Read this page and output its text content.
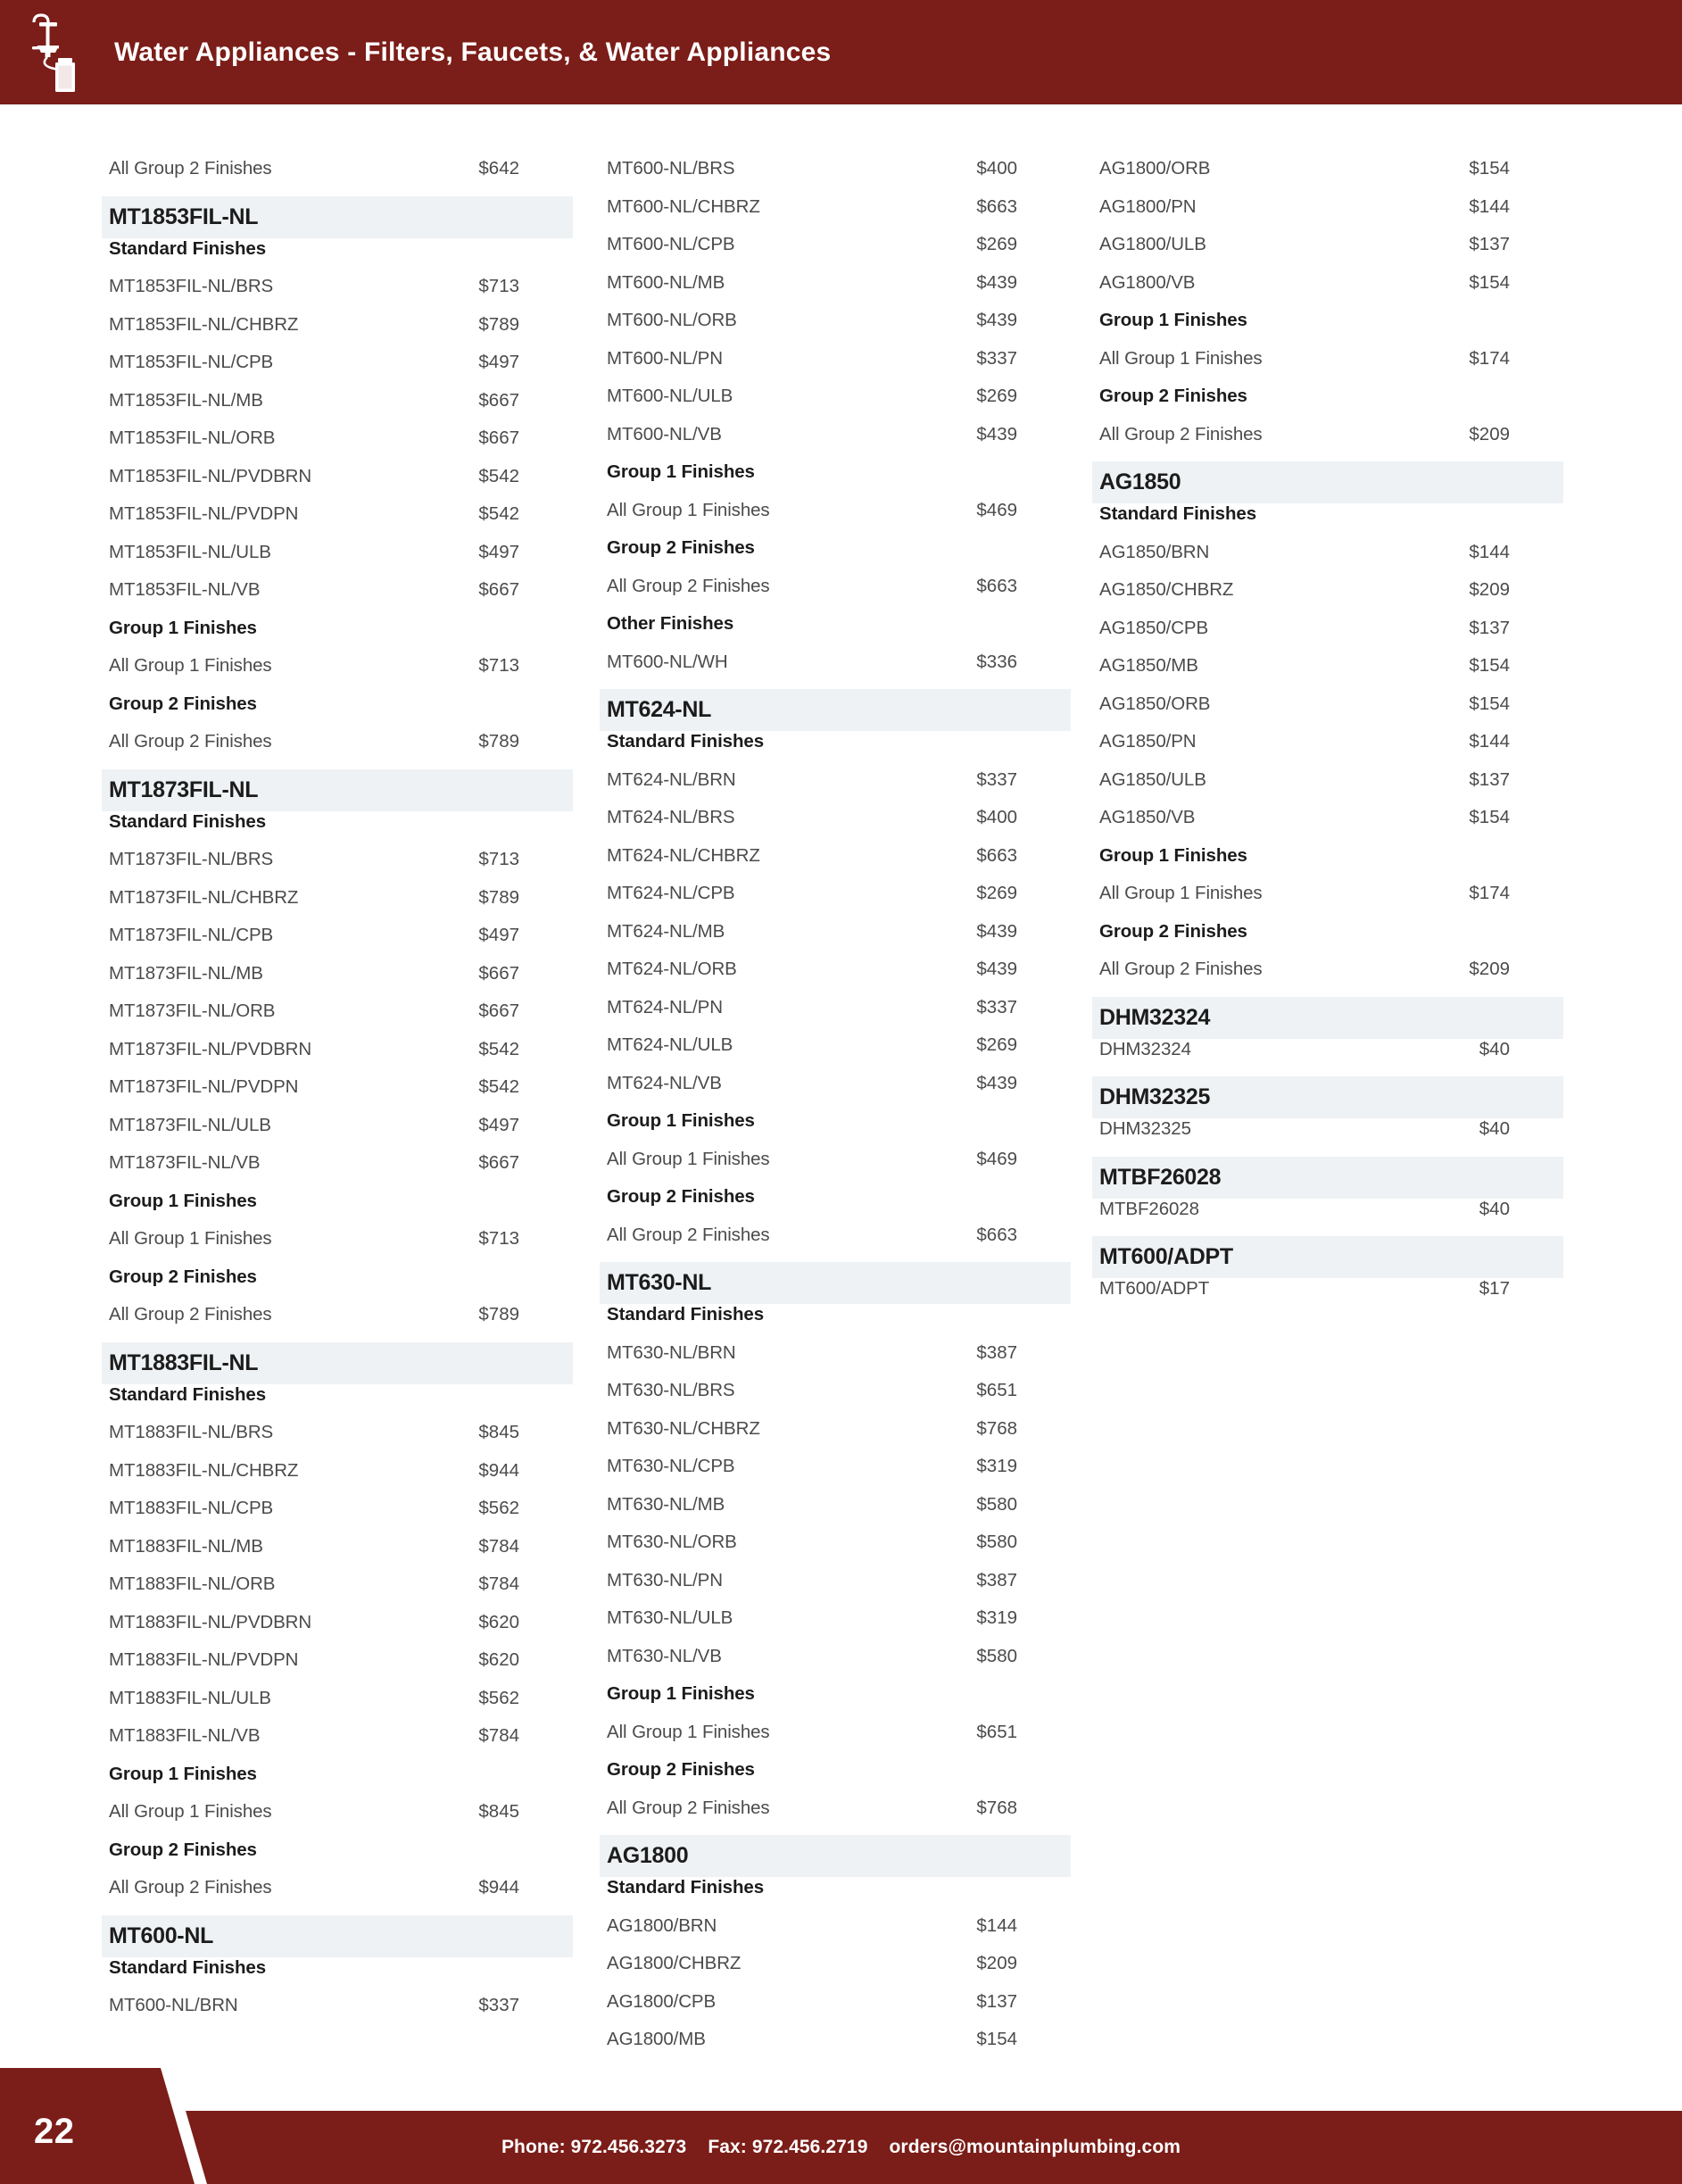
Water Appliances - Filters, Faucets, & Water Appliances
All Group 2 Finishes	$642
MT1853FIL-NL
Standard Finishes
MT1853FIL-NL/BRS	$713
MT1853FIL-NL/CHBRZ	$789
MT1853FIL-NL/CPB	$497
MT1853FIL-NL/MB	$667
MT1853FIL-NL/ORB	$667
MT1853FIL-NL/PVDBRN	$542
MT1853FIL-NL/PVDPN	$542
MT1853FIL-NL/ULB	$497
MT1853FIL-NL/VB	$667
Group 1 Finishes
All Group 1 Finishes	$713
Group 2 Finishes
All Group 2 Finishes	$789
MT1873FIL-NL
Standard Finishes
MT1873FIL-NL/BRS	$713
MT1873FIL-NL/CHBRZ	$789
MT1873FIL-NL/CPB	$497
MT1873FIL-NL/MB	$667
MT1873FIL-NL/ORB	$667
MT1873FIL-NL/PVDBRN	$542
MT1873FIL-NL/PVDPN	$542
MT1873FIL-NL/ULB	$497
MT1873FIL-NL/VB	$667
Group 1 Finishes
All Group 1 Finishes	$713
Group 2 Finishes
All Group 2 Finishes	$789
MT1883FIL-NL
Standard Finishes
MT1883FIL-NL/BRS	$845
MT1883FIL-NL/CHBRZ	$944
MT1883FIL-NL/CPB	$562
MT1883FIL-NL/MB	$784
MT1883FIL-NL/ORB	$784
MT1883FIL-NL/PVDBRN	$620
MT1883FIL-NL/PVDPN	$620
MT1883FIL-NL/ULB	$562
MT1883FIL-NL/VB	$784
Group 1 Finishes
All Group 1 Finishes	$845
Group 2 Finishes
All Group 2 Finishes	$944
MT600-NL
Standard Finishes
MT600-NL/BRN	$337
MT600-NL/BRS	$400
MT600-NL/CHBRZ	$663
MT600-NL/CPB	$269
MT600-NL/MB	$439
MT600-NL/ORB	$439
MT600-NL/PN	$337
MT600-NL/ULB	$269
MT600-NL/VB	$439
Group 1 Finishes
All Group 1 Finishes	$469
Group 2 Finishes
All Group 2 Finishes	$663
Other Finishes
MT600-NL/WH	$336
MT624-NL
Standard Finishes
MT624-NL/BRN	$337
MT624-NL/BRS	$400
MT624-NL/CHBRZ	$663
MT624-NL/CPB	$269
MT624-NL/MB	$439
MT624-NL/ORB	$439
MT624-NL/PN	$337
MT624-NL/ULB	$269
MT624-NL/VB	$439
Group 1 Finishes
All Group 1 Finishes	$469
Group 2 Finishes
All Group 2 Finishes	$663
MT630-NL
Standard Finishes
MT630-NL/BRN	$387
MT630-NL/BRS	$651
MT630-NL/CHBRZ	$768
MT630-NL/CPB	$319
MT630-NL/MB	$580
MT630-NL/ORB	$580
MT630-NL/PN	$387
MT630-NL/ULB	$319
MT630-NL/VB	$580
Group 1 Finishes
All Group 1 Finishes	$651
Group 2 Finishes
All Group 2 Finishes	$768
AG1800
Standard Finishes
AG1800/BRN	$144
AG1800/CHBRZ	$209
AG1800/CPB	$137
AG1800/MB	$154
AG1800/ORB	$154
AG1800/PN	$144
AG1800/ULB	$137
AG1800/VB	$154
Group 1 Finishes
All Group 1 Finishes	$174
Group 2 Finishes
All Group 2 Finishes	$209
AG1850
Standard Finishes
AG1850/BRN	$144
AG1850/CHBRZ	$209
AG1850/CPB	$137
AG1850/MB	$154
AG1850/ORB	$154
AG1850/PN	$144
AG1850/ULB	$137
AG1850/VB	$154
Group 1 Finishes
All Group 1 Finishes	$174
Group 2 Finishes
All Group 2 Finishes	$209
DHM32324
DHM32324	$40
DHM32325
DHM32325	$40
MTBF26028
MTBF26028	$40
MT600/ADPT
MT600/ADPT	$17
Phone: 972.456.3273 Fax: 972.456.2719 orders@mountainplumbing.com
22
